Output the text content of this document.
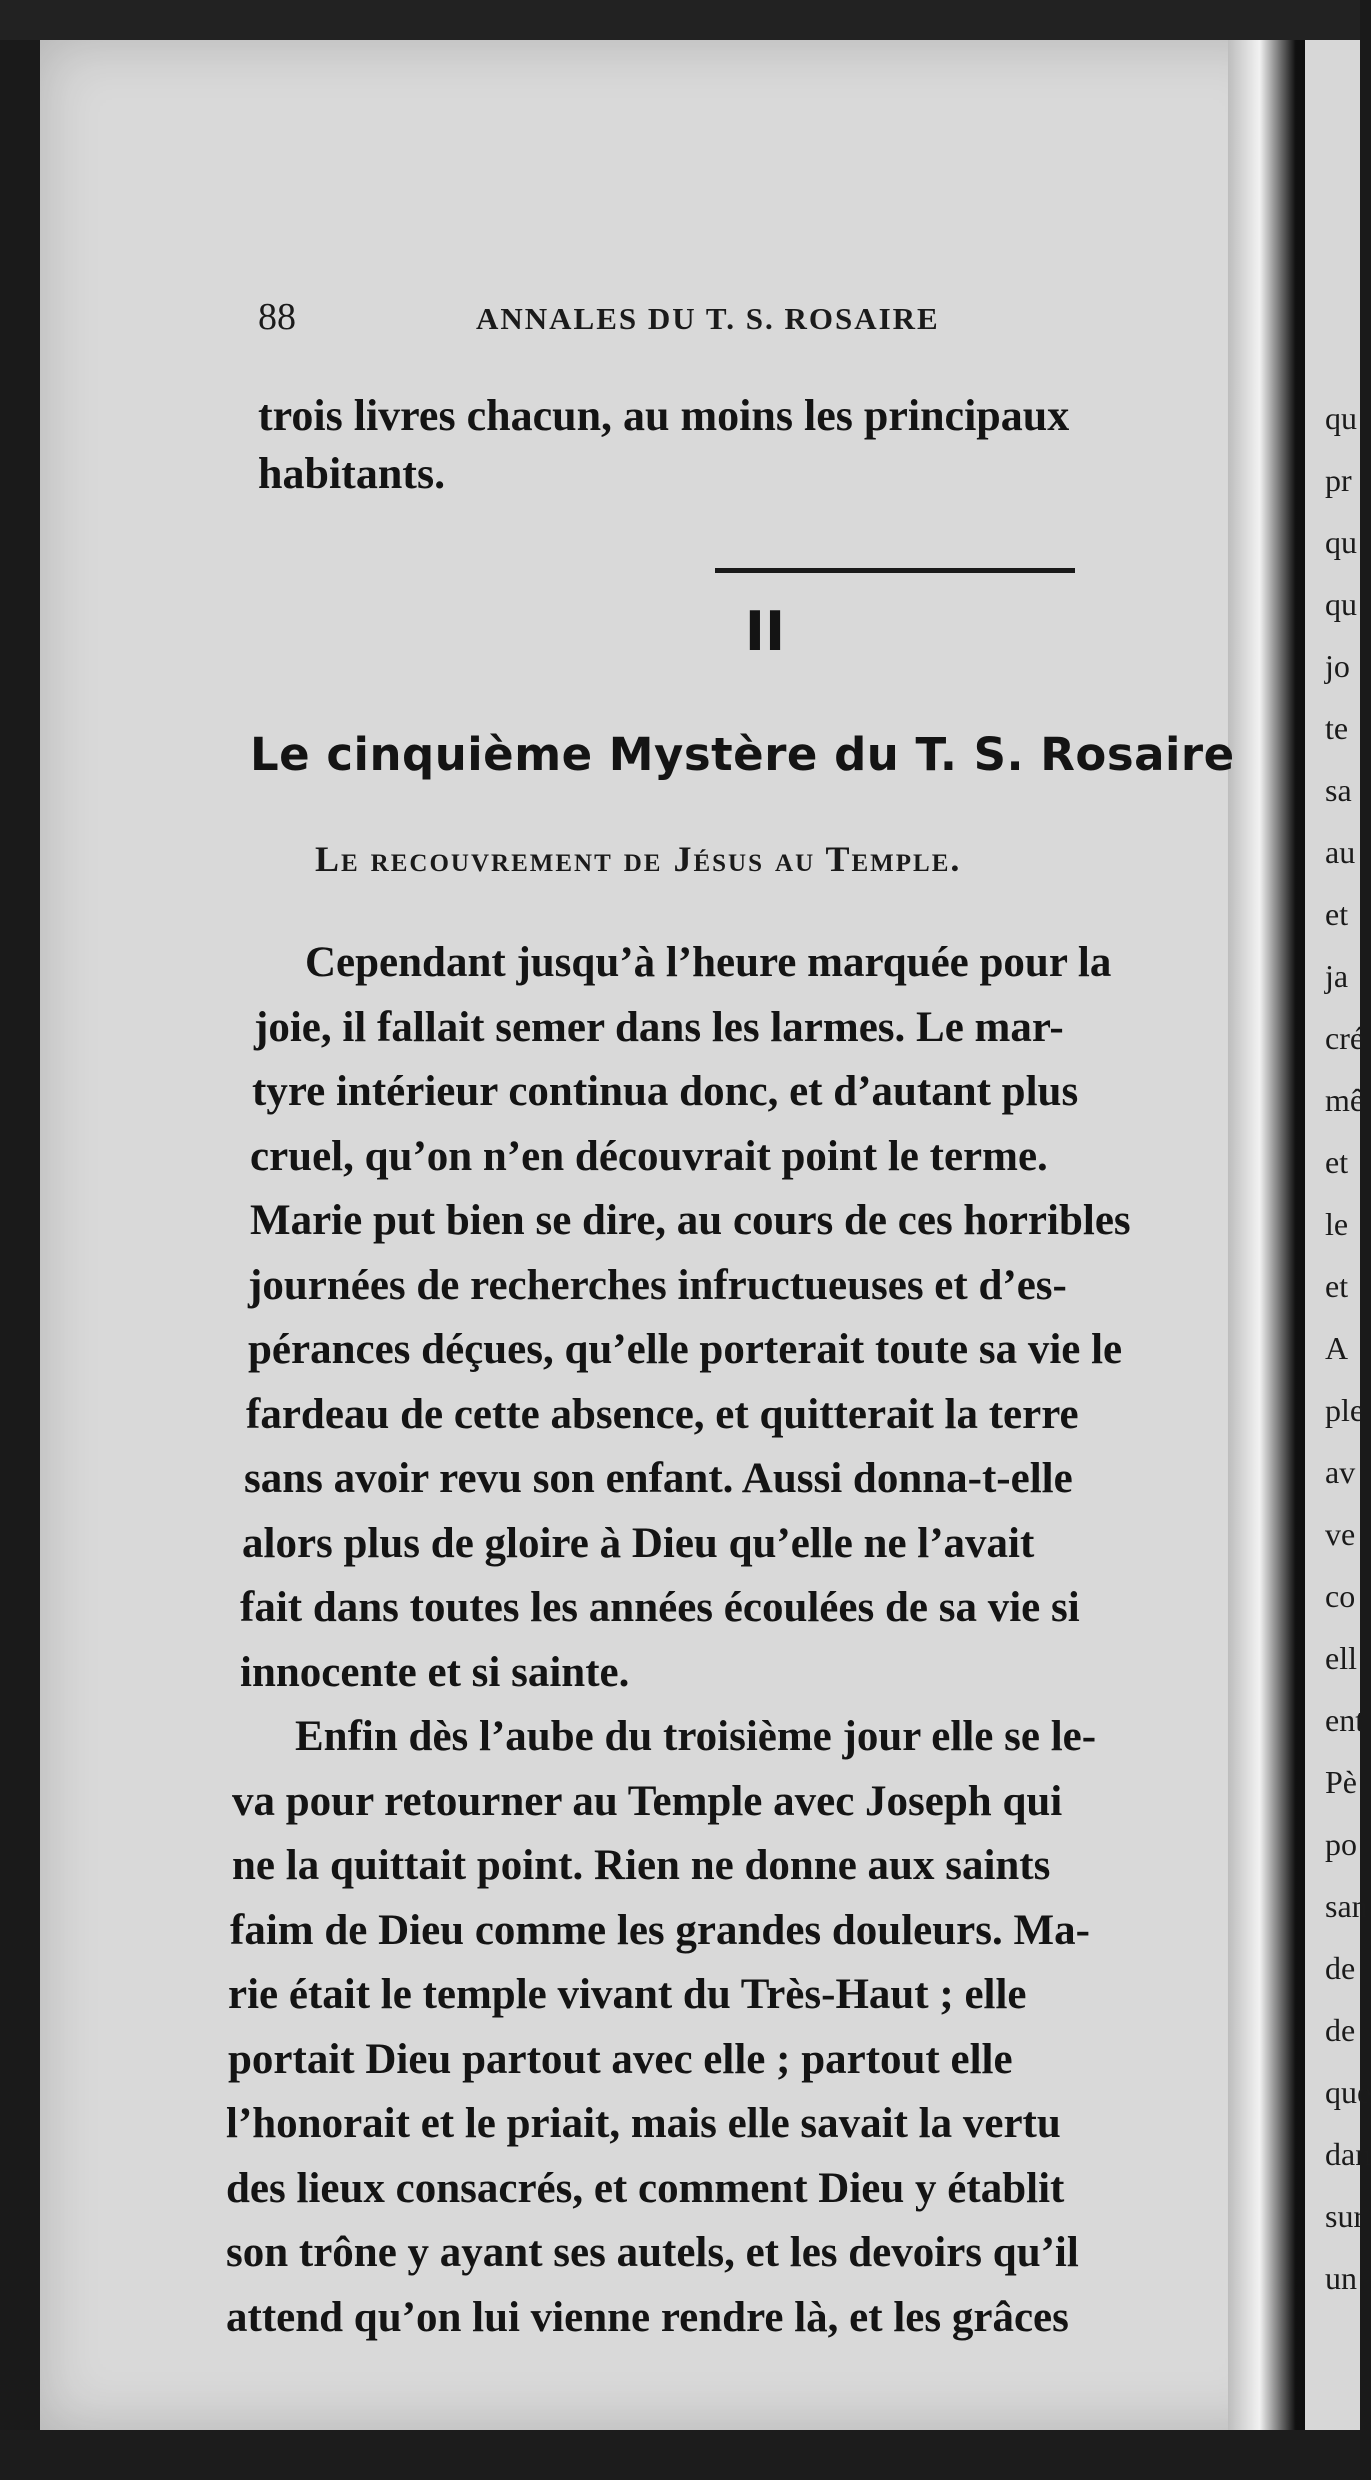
qu
pr
qu
qu
jo
te
sa
au
et
ja
cré
mê
et
le
et
A
ple
av
ve
co
ell
ent
Pè
po
san
de
de
que
dan
sur
un
88	ANNALES DU T. S. ROSAIRE
trois livres chacun, au moins les principaux
habitants.
II
Le cinquième Mystère du T. S. Rosaire
Le recouvrement de Jésus au Temple.
Cependant jusqu’à l’heure marquée pour la
joie, il fallait semer dans les larmes. Le mar-
tyre intérieur continua donc, et d’autant plus
cruel, qu’on n’en découvrait point le terme.
Marie put bien se dire, au cours de ces horribles
journées de recherches infructueuses et d’es-
pérances déçues, qu’elle porterait toute sa vie le
fardeau de cette absence, et quitterait la terre
sans avoir revu son enfant. Aussi donna-t-elle
alors plus de gloire à Dieu qu’elle ne l’avait
fait dans toutes les années écoulées de sa vie si
innocente et si sainte.
Enfin dès l’aube du troisième jour elle se le-
va pour retourner au Temple avec Joseph qui
ne la quittait point. Rien ne donne aux saints
faim de Dieu comme les grandes douleurs. Ma-
rie était le temple vivant du Très-Haut ; elle
portait Dieu partout avec elle ; partout elle
l’honorait et le priait, mais elle savait la vertu
des lieux consacrés, et comment Dieu y établit
son trône y ayant ses autels, et les devoirs qu’il
attend qu’on lui vienne rendre là, et les grâces
